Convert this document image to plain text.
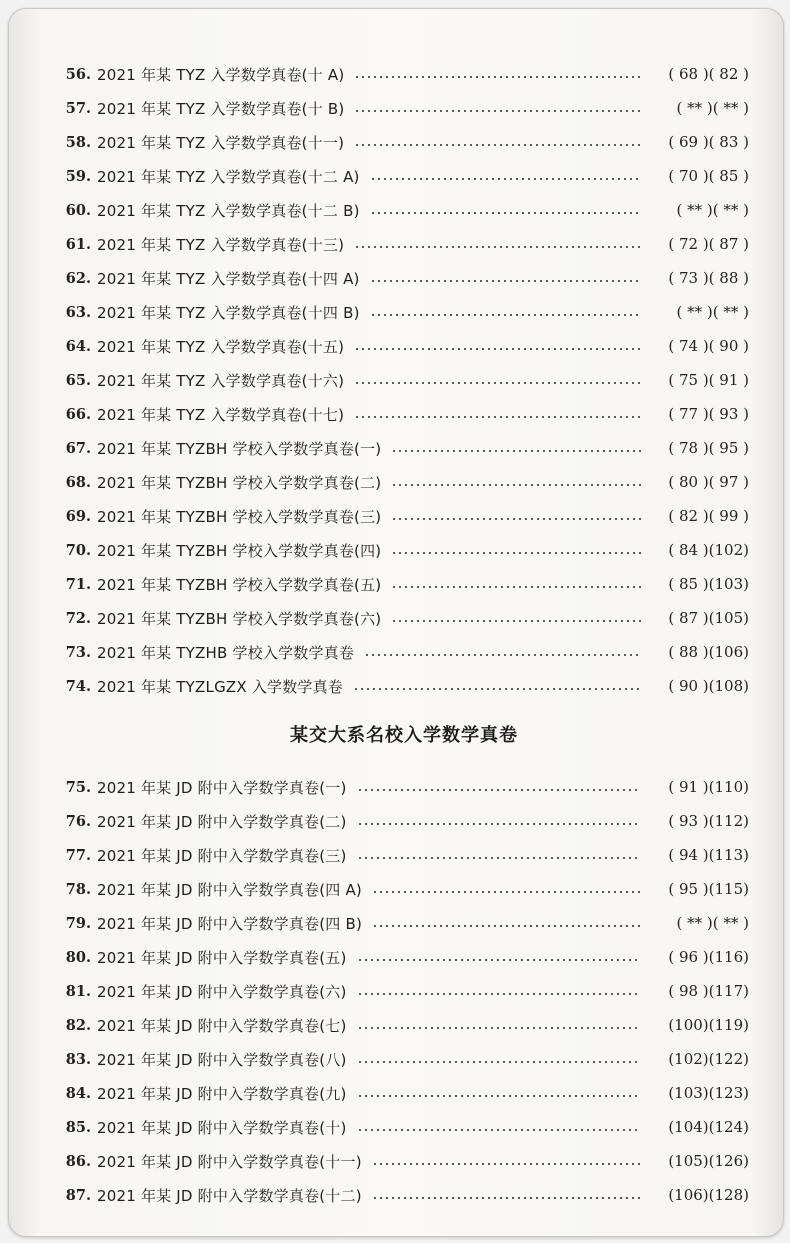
56. 2021 年某 TYZ 入学数学真卷(十 A)	( 68 )( 82 )
57. 2021 年某 TYZ 入学数学真卷(十 B)	( ** )( ** )
58. 2021 年某 TYZ 入学数学真卷(十一)	( 69 )( 83 )
59. 2021 年某 TYZ 入学数学真卷(十二 A)	( 70 )( 85 )
60. 2021 年某 TYZ 入学数学真卷(十二 B)	( ** )( ** )
61. 2021 年某 TYZ 入学数学真卷(十三)	( 72 )( 87 )
62. 2021 年某 TYZ 入学数学真卷(十四 A)	( 73 )( 88 )
63. 2021 年某 TYZ 入学数学真卷(十四 B)	( ** )( ** )
64. 2021 年某 TYZ 入学数学真卷(十五)	( 74 )( 90 )
65. 2021 年某 TYZ 入学数学真卷(十六)	( 75 )( 91 )
66. 2021 年某 TYZ 入学数学真卷(十七)	( 77 )( 93 )
67. 2021 年某 TYZBH 学校入学数学真卷(一)	( 78 )( 95 )
68. 2021 年某 TYZBH 学校入学数学真卷(二)	( 80 )( 97 )
69. 2021 年某 TYZBH 学校入学数学真卷(三)	( 82 )( 99 )
70. 2021 年某 TYZBH 学校入学数学真卷(四)	( 84 )(102)
71. 2021 年某 TYZBH 学校入学数学真卷(五)	( 85 )(103)
72. 2021 年某 TYZBH 学校入学数学真卷(六)	( 87 )(105)
73. 2021 年某 TYZHB 学校入学数学真卷	( 88 )(106)
74. 2021 年某 TYZLGZX 入学数学真卷	( 90 )(108)
某交大系名校入学数学真卷
75. 2021 年某 JD 附中入学数学真卷(一)	( 91 )(110)
76. 2021 年某 JD 附中入学数学真卷(二)	( 93 )(112)
77. 2021 年某 JD 附中入学数学真卷(三)	( 94 )(113)
78. 2021 年某 JD 附中入学数学真卷(四 A)	( 95 )(115)
79. 2021 年某 JD 附中入学数学真卷(四 B)	( ** )( ** )
80. 2021 年某 JD 附中入学数学真卷(五)	( 96 )(116)
81. 2021 年某 JD 附中入学数学真卷(六)	( 98 )(117)
82. 2021 年某 JD 附中入学数学真卷(七)	(100)(119)
83. 2021 年某 JD 附中入学数学真卷(八)	(102)(122)
84. 2021 年某 JD 附中入学数学真卷(九)	(103)(123)
85. 2021 年某 JD 附中入学数学真卷(十)	(104)(124)
86. 2021 年某 JD 附中入学数学真卷(十一)	(105)(126)
87. 2021 年某 JD 附中入学数学真卷(十二)	(106)(128)
